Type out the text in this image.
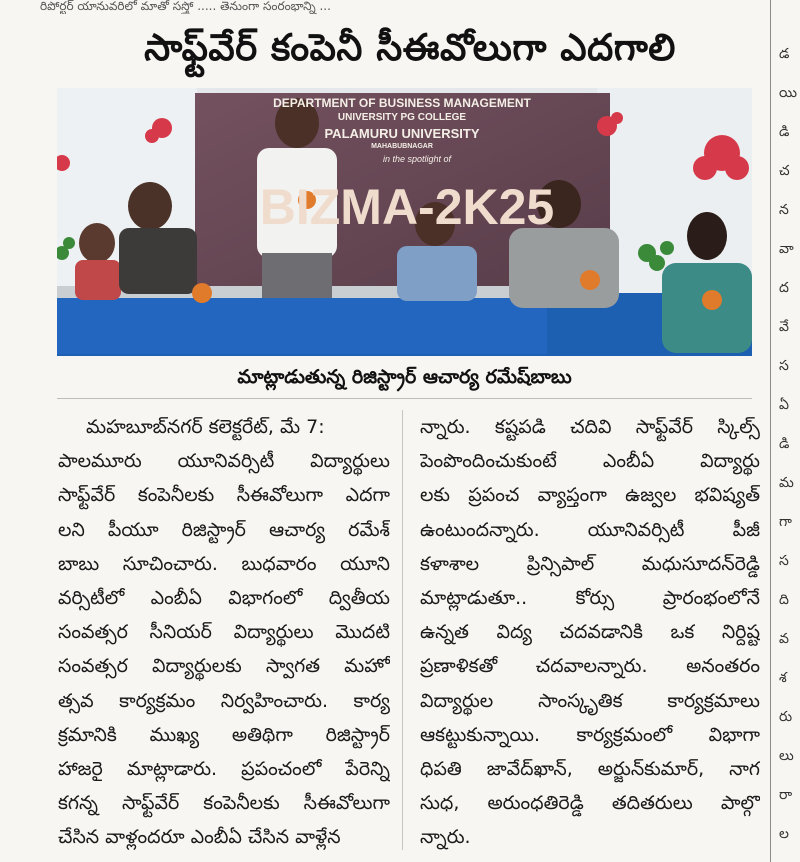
రిపోర్టర్ యానువరిలో మాతో సస్త్రో ..... తెనుంగా సంరంభాన్ని ...
డ
యి
డి
చ
న
వా
ద
వే
స
ఏ
డి
మ
గా
స
ది
వ
శ
రు
లు
రా
ల
సాఫ్ట్‌వేర్ కంపెనీ సీఈవోలుగా ఎదగాలి
DEPARTMENT OF BUSINESS MANAGEMENT
UNIVERSITY PG COLLEGE
PALAMURU UNIVERSITY
MAHABUBNAGAR
in the spotlight of
BIZMA-2K25
మాట్లాడుతున్న రిజిస్ట్రార్ ఆచార్య రమేష్‌బాబు
మహబూబ్‌నగర్ కలెక్టరేట్, మే 7:
పాలమూరు యూనివర్సిటీ విద్యార్థులు
సాఫ్ట్‌వేర్ కంపెనీలకు సీఈవోలుగా ఎదగా
లని పీయూ రిజిస్ట్రార్ ఆచార్య రమేశ్
బాబు సూచించారు. బుధవారం యూని
వర్సిటీలో ఎంబీఏ విభాగంలో ద్వితీయ
సంవత్సర సీనియర్ విద్యార్థులు మొదటి
సంవత్సర విద్యార్థులకు స్వాగత మహో
త్సవ కార్యక్రమం నిర్వహించారు. కార్య
క్రమానికి ముఖ్య అతిథిగా రిజిస్ట్రార్
హాజరై మాట్లాడారు. ప్రపంచంలో పేరెన్ని
కగన్న సాఫ్ట్‌వేర్ కంపెనీలకు సీఈవోలుగా
చేసిన వాళ్లందరూ ఎంబీఏ చేసిన వాళ్లేన
న్నారు. కష్టపడి చదివి సాఫ్ట్‌వేర్ స్కిల్స్
పెంపొందించుకుంటే ఎంబీఏ విద్యార్థు
లకు ప్రపంచ వ్యాప్తంగా ఉజ్వల భవిష్యత్
ఉంటుందన్నారు. యూనివర్సిటీ పీజీ
కళాశాల ప్రిన్సిపాల్ మధుసూదన్‌రెడ్డి
మాట్లాడుతూ.. కోర్సు ప్రారంభంలోనే
ఉన్నత విద్య చదవడానికి ఒక నిర్దిష్ట
ప్రణాళికతో చదవాలన్నారు. అనంతరం
విద్యార్థుల సాంస్కృతిక కార్యక్రమాలు
ఆకట్టుకున్నాయి. కార్యక్రమంలో విభాగా
ధిపతి జావేద్‌ఖాన్, అర్జున్‌కుమార్, నాగ
సుధ, అరుంధతిరెడ్డి తదితరులు పాల్గొ
న్నారు.
